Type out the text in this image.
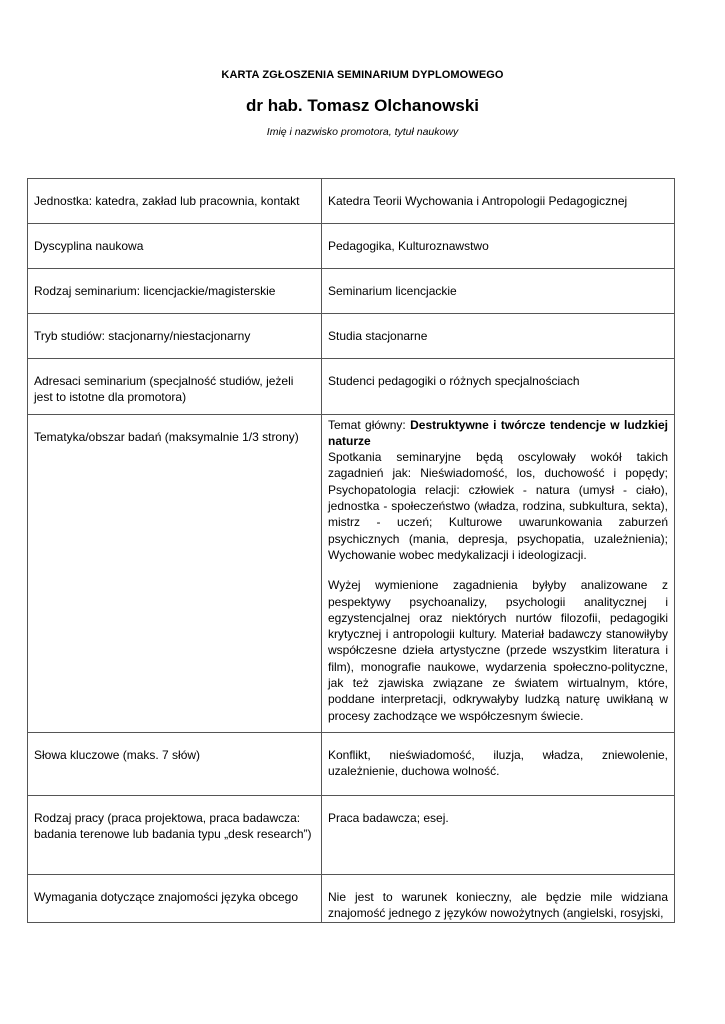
KARTA ZGŁOSZENIA SEMINARIUM DYPLOMOWEGO
dr hab. Tomasz Olchanowski
Imię i nazwisko promotora, tytuł naukowy
Jednostka: katedra, zakład lub pracownia, kontakt	Katedra Teorii Wychowania i Antropologii Pedagogicznej
Dyscyplina naukowa	Pedagogika, Kulturoznawstwo
Rodzaj seminarium: licencjackie/magisterskie	Seminarium licencjackie
Tryb studiów: stacjonarny/niestacjonarny	Studia stacjonarne
Adresaci seminarium (specjalność studiów, jeżeli jest to istotne dla promotora)	Studenci pedagogiki o różnych specjalnościach
Tematyka/obszar badań (maksymalnie 1/3 strony)	Temat główny: Destruktywne i twórcze tendencje w ludzkiej naturze

Spotkania seminaryjne będą oscylowały wokół takich zagadnień jak: Nieświadomość, los, duchowość i popędy; Psychopatologia relacji: człowiek - natura (umysł - ciało), jednostka - społeczeństwo (władza, rodzina, subkultura, sekta), mistrz - uczeń; Kulturowe uwarunkowania zaburzeń psychicznych (mania, depresja, psychopatia, uzależnienia); Wychowanie wobec medykalizacji i ideologizacji.

Wyżej wymienione zagadnienia byłyby analizowane z pespektywy psychoanalizy, psychologii analitycznej i egzystencjalnej oraz niektórych nurtów filozofii, pedagogiki krytycznej i antropologii kultury. Materiał badawczy stanowiłyby współczesne dzieła artystyczne (przede wszystkim literatura i film), monografie naukowe, wydarzenia społeczno-polityczne, jak też zjawiska związane ze światem wirtualnym, które, poddane interpretacji, odkrywałyby ludzką naturę uwikłaną w procesy zachodzące we współczesnym świecie.

Słowa kluczowe (maks. 7 słów)	Konflikt, nieświadomość, iluzja, władza, zniewolenie, uzależnienie, duchowa wolność.
Rodzaj pracy (praca projektowa, praca badawcza: badania terenowe lub badania typu „desk research”)	Praca badawcza; esej.
Wymagania dotyczące znajomości języka obcego	Nie jest to warunek konieczny, ale będzie mile widziana znajomość jednego z języków nowożytnych (angielski, rosyjski,
